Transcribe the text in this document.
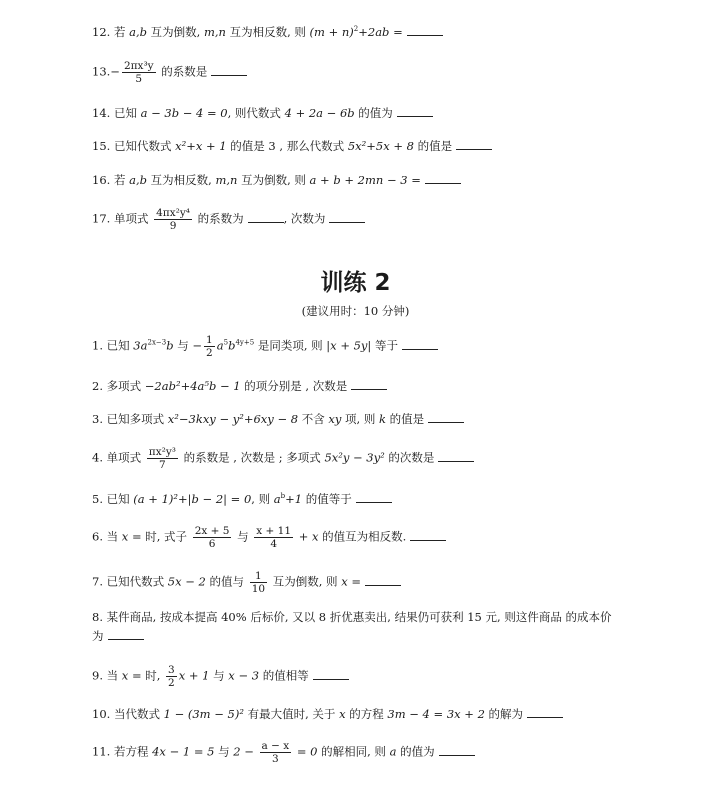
12. 若 a,b 互为倒数, m,n 互为相反数, 则 $(m + n)^2+2ab$ =
$13.- \frac{\text{2πx³y}}{5}$ 的系数是
14. 已知 a − 3b − 4 = 0, 则代数式 4 + 2a − 6b 的值为
15. 已知代数式 x²+x + 1 的值是 3 , 那么代数式 5x²+5x + 8 的值是
16. 若 a,b 互为相反数, m,n 互为倒数, 则 a + b + 2mn − 3 =
17. 单项式 $\frac{\text{4πx²y⁴}}{9}$ 的系数为	, 次数为
训练 2
(建议用时：10 分钟)
1. 已知 $3a^{2x-3}b$ 与 − $\frac{1}{2} a^5b^{4y+5}$ 是同类项, 则 |x + 5y| 等于
2. 多项式 −2ab²+4a⁵b − 1 的项分别是 , 次数是
3. 已知多项式 x²−3kxy − y²+6xy − 8 不含 xy 项, 则 k 的值是
4. 单项式 $\frac{\text{πx²y³}}{7}$ 的系数是 , 次数是 ; 多项式 5x²y − 3y² 的次数是
5. 已知 (a + 1)²+|b − 2| = 0, 则 $a^b+1$ 的值等于
6. 当 x = 时, 式子 $\frac{2x + 5}{6}$ 与 $\frac{x + 11}{4} + x$ 的值互为相反数.
7. 已知代数式 5x − 2 的值与 $\frac{1}{10}$ 互为倒数, 则 x =
8. 某件商品, 按成本提高 40% 后标价, 又以 8 折优惠卖出, 结果仍可获利 15 元, 则这件商品 的成本价为
9. 当 x = 时, $\frac{3}{2}$ x + 1 与 x − 3 的值相等
10. 当代数式 1 − (3m − 5)² 有最大值时, 关于 x 的方程 3m − 4 = 3x + 2 的解为
11. 若方程 4x − 1 = 5 与 $2 - \frac{a - x}{3} = 0$ 的解相同, 则 a 的值为
